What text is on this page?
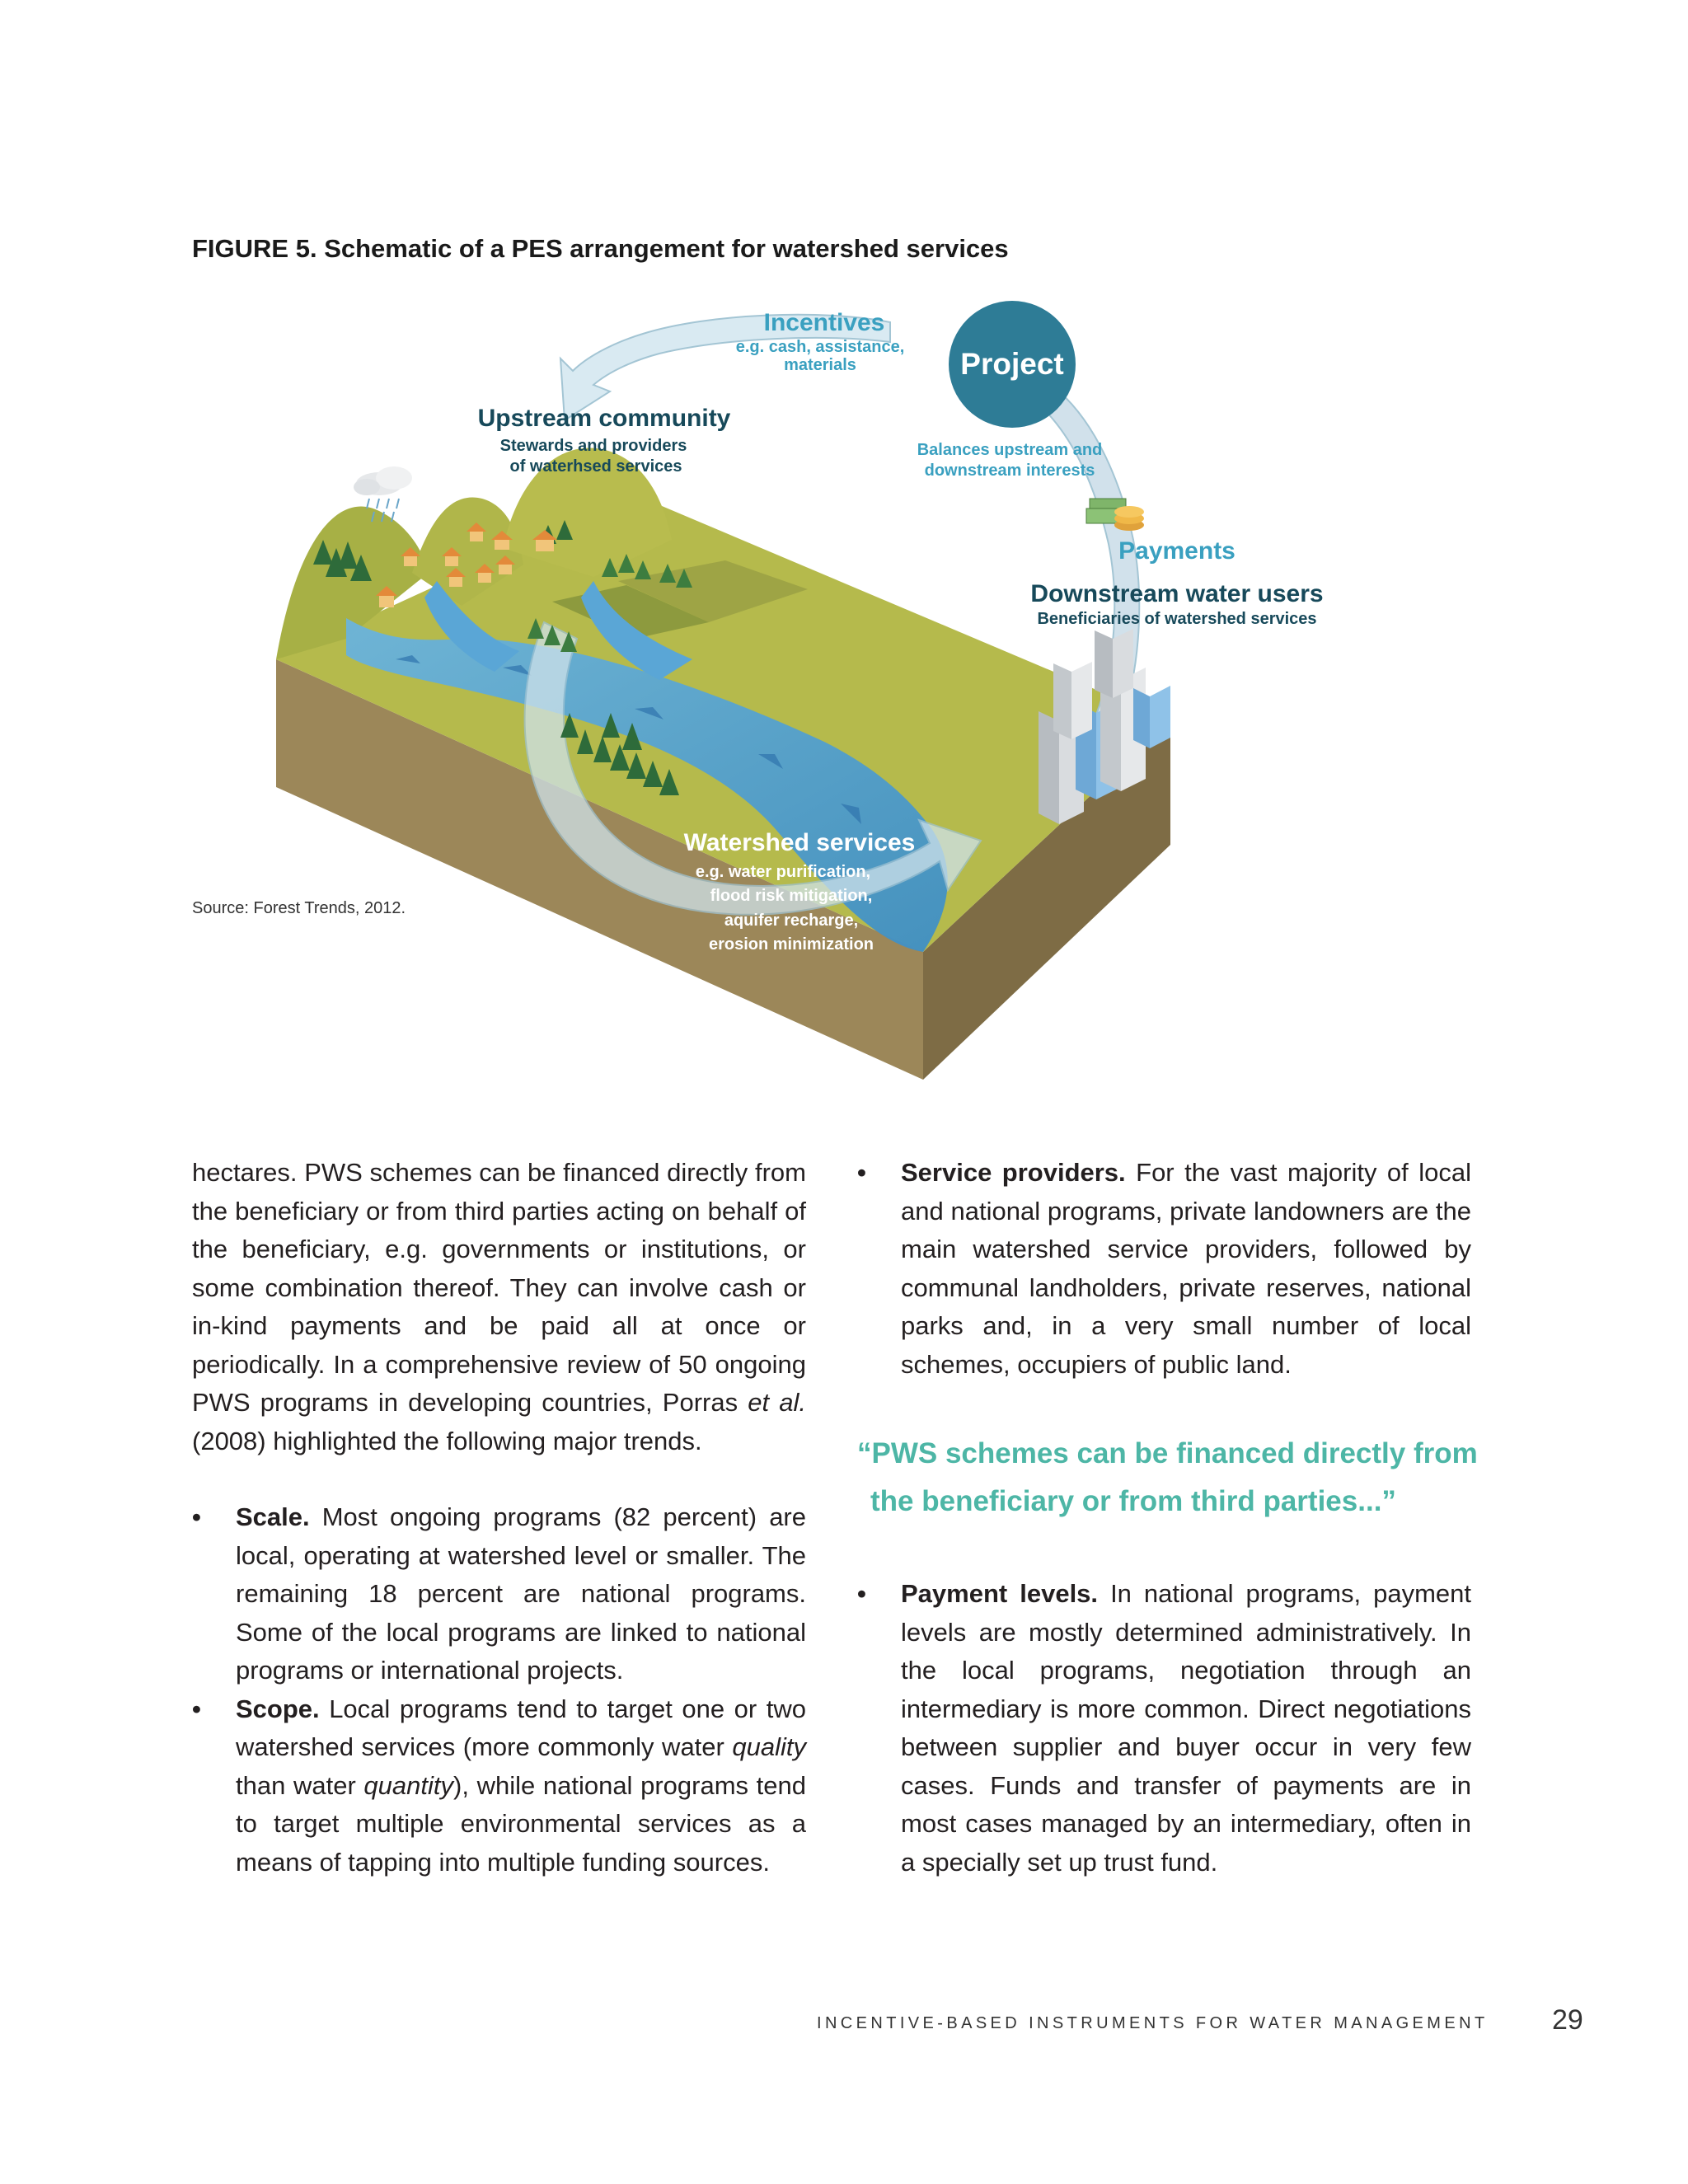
FIGURE 5. Schematic of a PES arrangement for watershed services
Project
Incentives
e.g. cash, assistance,
materials
Balances upstream and
downstream interests
Upstream community
Stewards and providers
of waterhsed services
Payments
Downstream water users
Beneficiaries of watershed services
Watershed services
e.g. water purification,
flood risk mitigation,
aquifer recharge,
erosion minimization
Source: Forest Trends, 2012.

hectares. PWS schemes can be financed directly from the beneficiary or from third parties acting on behalf of the beneficiary, e.g. governments or institutions, or some combination thereof. They can involve cash or in-kind payments and be paid all at once or periodically. In a comprehensive review of 50 ongoing PWS programs in developing countries, Porras et al. (2008) highlighted the following major trends.

• Scale. Most ongoing programs (82 percent) are local, operating at watershed level or smaller. The remaining 18 percent are national programs. Some of the local programs are linked to national programs or international projects.
• Scope. Local programs tend to target one or two watershed services (more commonly water quality than water quantity), while national programs tend to target multiple environmental services as a means of tapping into multiple funding sources.
• Service providers. For the vast majority of local and national programs, private landowners are the main watershed service providers, followed by communal landholders, private reserves, national parks and, in a very small number of local schemes, occupiers of public land.
“PWS schemes can be financed directly from
the beneficiary or from third parties...”
• Payment levels. In national programs, payment levels are mostly determined administratively. In the local programs, negotiation through an intermediary is more common. Direct negotiations between supplier and buyer occur in very few cases. Funds and transfer of payments are in most cases managed by an intermediary, often in a specially set up trust fund.
INCENTIVE-BASED INSTRUMENTS FOR WATER MANAGEMENT 29
